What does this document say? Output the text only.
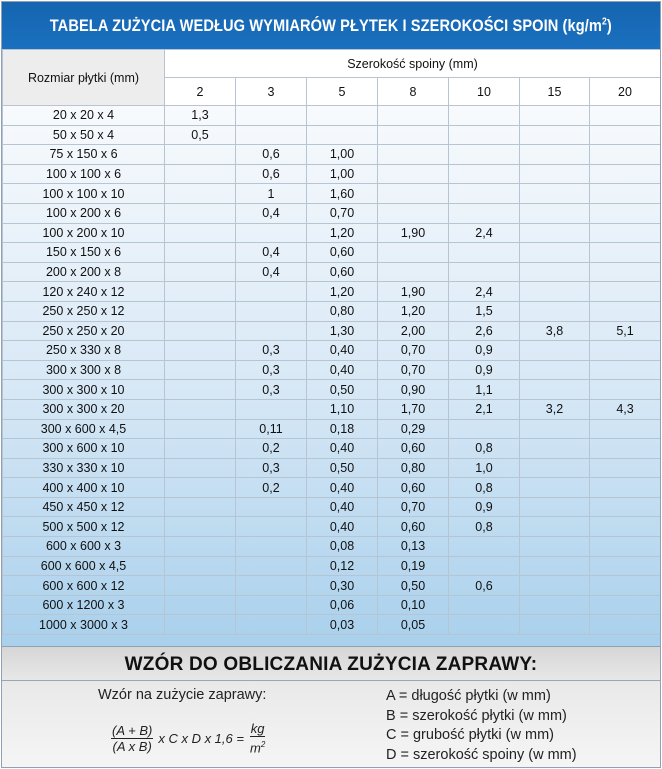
TABELA ZUŻYCIA WEDŁUG WYMIARÓW PŁYTEK I SZEROKOŚCI SPOIN $(kg/m^2)$
Rozmiar płytki (mm)	Szerokość spoiny (mm)						
	2	3	5	8	10	15	20
20 x 20 x 4	1,3						
50 x 50 x 4	0,5						
75 x 150 x 6		0,6	1,00				
100 x 100 x 6		0,6	1,00				
100 x 100 x 10		1	1,60				
100 x 200 x 6		0,4	0,70				
100 x 200 x 10			1,20	1,90	2,4		
150 x 150 x 6		0,4	0,60				
200 x 200 x 8		0,4	0,60				
120 x 240 x 12			1,20	1,90	2,4		
250 x 250 x 12			0,80	1,20	1,5		
250 x 250 x 20			1,30	2,00	2,6	3,8	5,1
250 x 330 x 8		0,3	0,40	0,70	0,9		
300 x 300 x 8		0,3	0,40	0,70	0,9		
300 x 300 x 10		0,3	0,50	0,90	1,1		
300 x 300 x 20			1,10	1,70	2,1	3,2	4,3
300 x 600 x 4,5		0,11	0,18	0,29			
300 x 600 x 10		0,2	0,40	0,60	0,8		
330 x 330 x 10		0,3	0,50	0,80	1,0		
400 x 400 x 10		0,2	0,40	0,60	0,8		
450 x 450 x 12			0,40	0,70	0,9		
500 x 500 x 12			0,40	0,60	0,8		
600 x 600 x 3			0,08	0,13			
600 x 600 x 4,5			0,12	0,19			
600 x 600 x 12			0,30	0,50	0,6		
600 x 1200 x 3			0,06	0,10			
1000 x 3000 x 3			0,03	0,05			
WZÓR DO OBLICZANIA ZUŻYCIA ZAPRAWY:
Wzór na zużycie zaprawy:
$\frac{(A + B)}{\text{(A x B)}}$ x C x D x $1,6 = \frac{kg}{m^2}$
A = długość płytki (w mm)
B = szerokość płytki (w mm)
C = grubość płytki (w mm)
D = szerokość spoiny (w mm)
